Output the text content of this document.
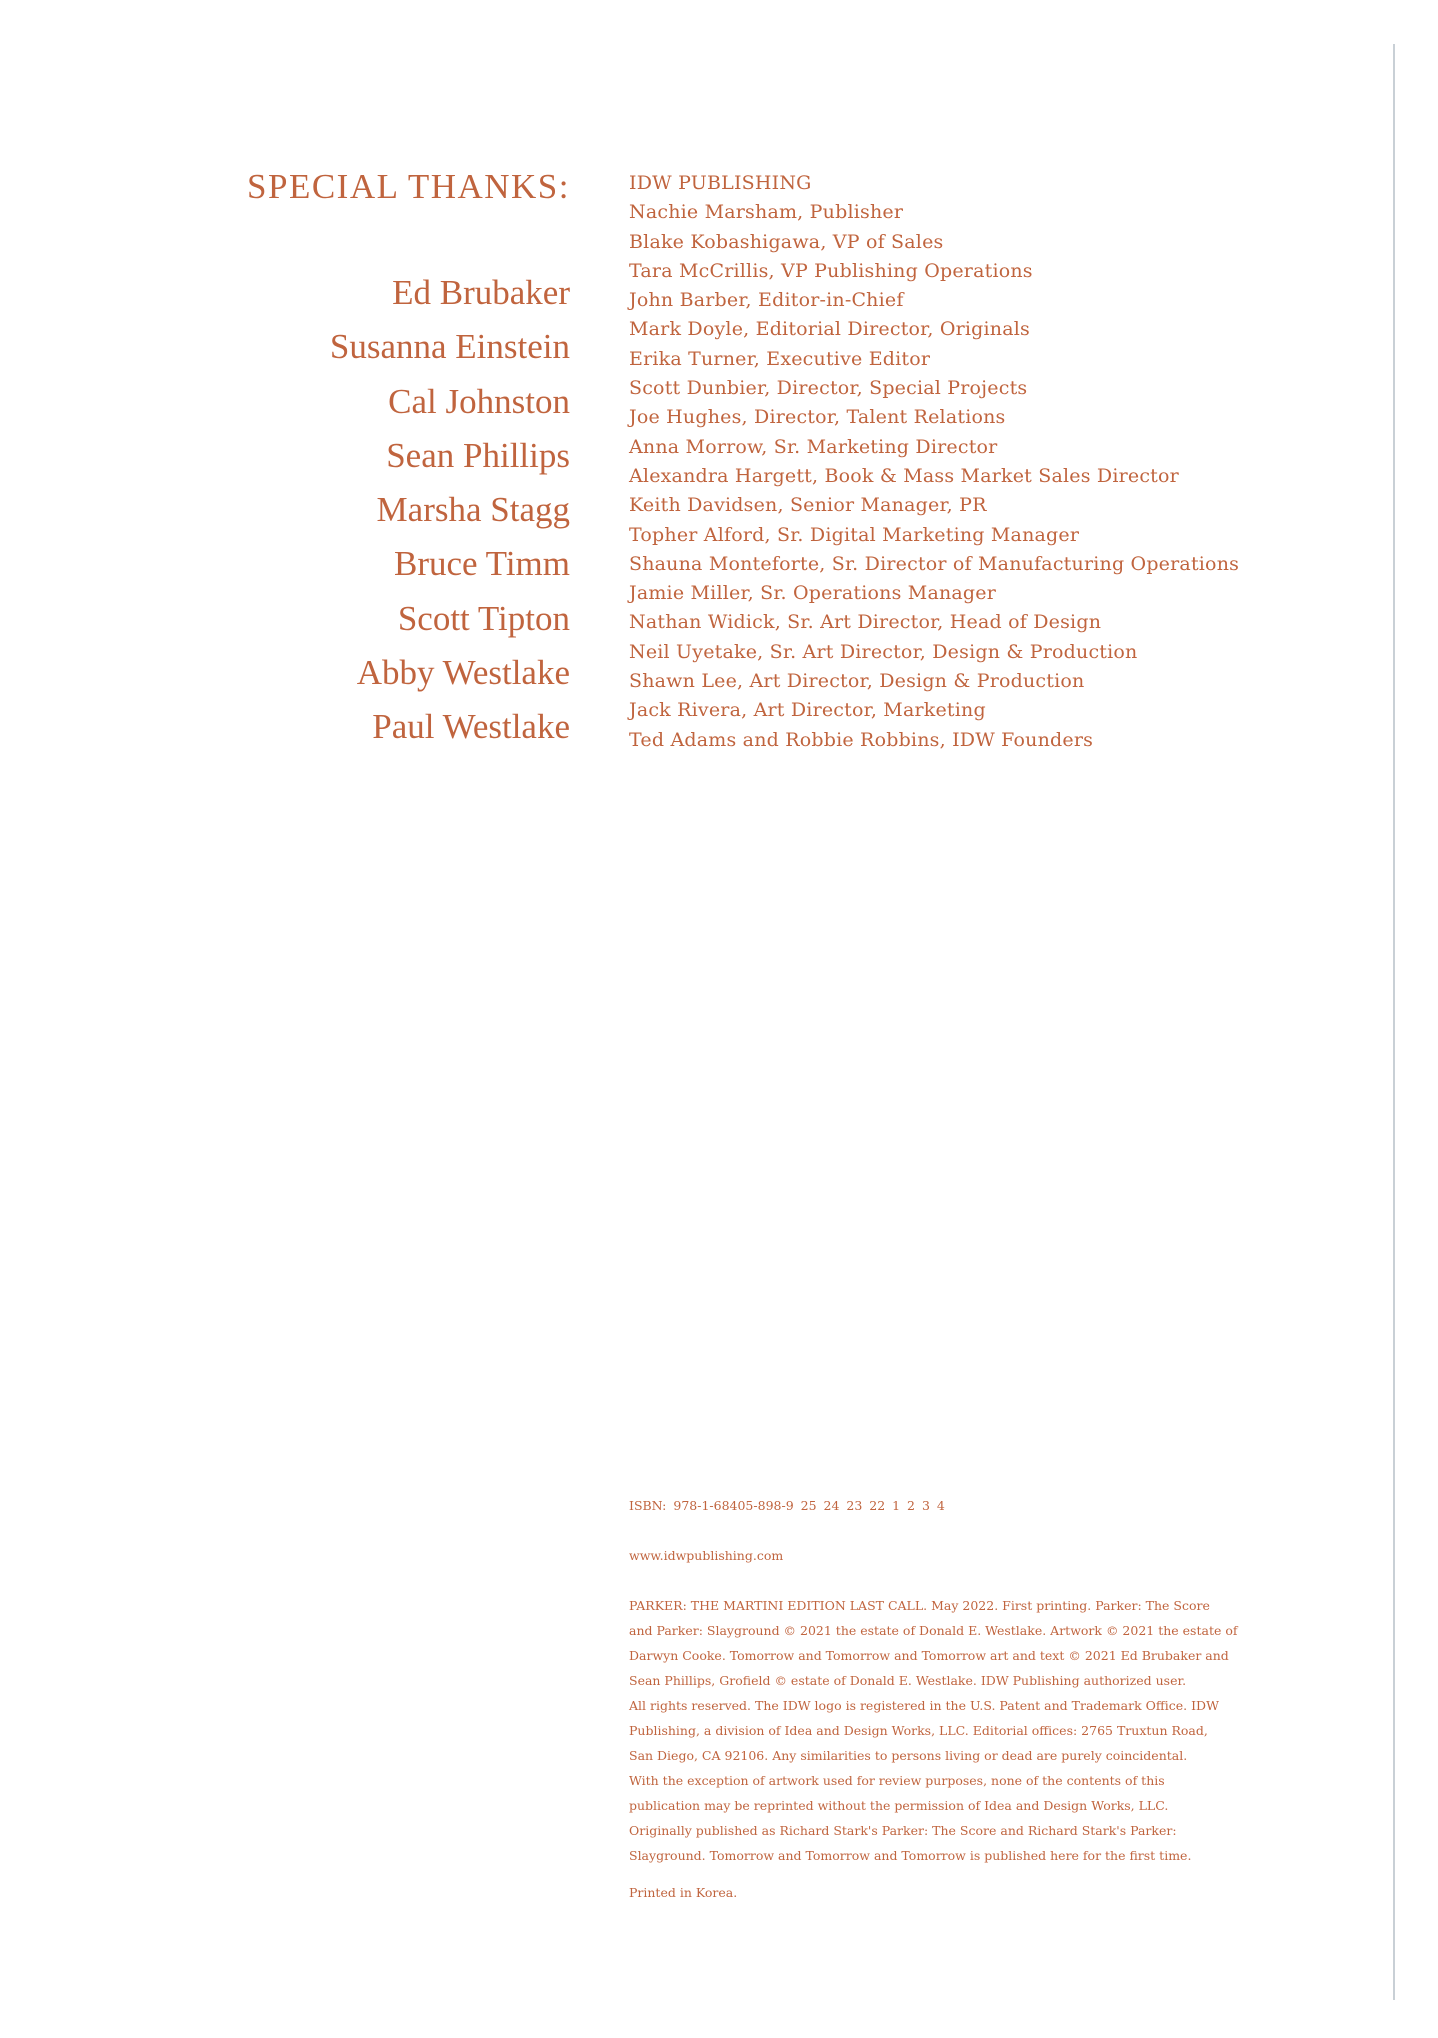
SPECIAL THANKS:
Ed Brubaker
Susanna Einstein
Cal Johnston
Sean Phillips
Marsha Stagg
Bruce Timm
Scott Tipton
Abby Westlake
Paul Westlake
IDW PUBLISHING
Nachie Marsham, Publisher
Blake Kobashigawa, VP of Sales
Tara McCrillis, VP Publishing Operations
John Barber, Editor-in-Chief
Mark Doyle, Editorial Director, Originals
Erika Turner, Executive Editor
Scott Dunbier, Director, Special Projects
Joe Hughes, Director, Talent Relations
Anna Morrow, Sr. Marketing Director
Alexandra Hargett, Book & Mass Market Sales Director
Keith Davidsen, Senior Manager, PR
Topher Alford, Sr. Digital Marketing Manager
Shauna Monteforte, Sr. Director of Manufacturing Operations
Jamie Miller, Sr. Operations Manager
Nathan Widick, Sr. Art Director, Head of Design
Neil Uyetake, Sr. Art Director, Design & Production
Shawn Lee, Art Director, Design & Production
Jack Rivera, Art Director, Marketing
Ted Adams and Robbie Robbins, IDW Founders
ISBN: 978-1-68405-898-9 25 24 23 22 1 2 3 4
www.idwpublishing.com

PARKER: THE MARTINI EDITION LAST CALL. May 2022. First printing. Parker: The Score

and Parker: Slayground © 2021 the estate of Donald E. Westlake. Artwork © 2021 the estate of

Darwyn Cooke. Tomorrow and Tomorrow and Tomorrow art and text © 2021 Ed Brubaker and

Sean Phillips, Grofield © estate of Donald E. Westlake. IDW Publishing authorized user.

All rights reserved. The IDW logo is registered in the U.S. Patent and Trademark Office. IDW

Publishing, a division of Idea and Design Works, LLC. Editorial offices: 2765 Truxtun Road,

San Diego, CA 92106. Any similarities to persons living or dead are purely coincidental.

With the exception of artwork used for review purposes, none of the contents of this

publication may be reprinted without the permission of Idea and Design Works, LLC.

Originally published as Richard Stark's Parker: The Score and Richard Stark's Parker:

Slayground. Tomorrow and Tomorrow and Tomorrow is published here for the first time.

Printed in Korea.
